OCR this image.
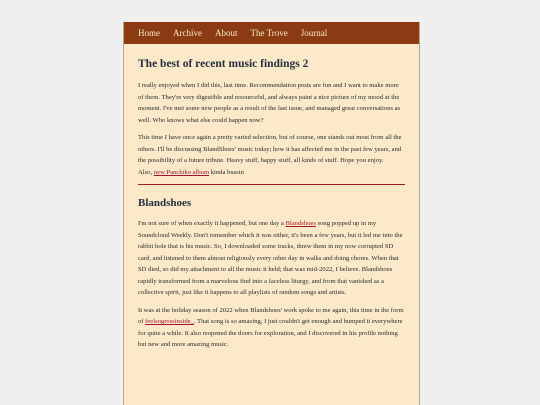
Home Archive About The Trove Journal
The best of recent music findings 2

I really enjoyed when I did this, last time. Recommendation posts are fun and I want to make more of them. They're very digestible and resourceful, and always paint a nice picture of my mood at the moment. I've met some new people as a result of the last issue, and managed great conversations as well. Who knows what else could happen now?

This time I have once again a pretty varied selection, but of course, one stands out most from all the others. I'll be discussing BlandShoes' music today; how it has affected me in the past few years, and the possibility of a future tribute. Heavy stuff, happy stuff, all kinds of stuff. Hope you enjoy.

Also, new Panchiko album kinda bussin

Blandshoes

I'm not sure of when exactly it happened, but one day a Blandshoes song popped up in my Soundcloud Weekly. Don't remember which it was either, it's been a few years, but it led me into the rabbit hole that is his music. So, I downloaded some tracks, threw them in my now corrupted SD card, and listened to them almost religiously every other day in walks and doing chores. When that SD died, so did my attachment to all the music it held; that was mid-2022, I believe. Blandshoes rapidly transformed from a marvelous find into a faceless liturgy, and from that vanished as a collective spirit, just like it happens to all playlists of random songs and artists.

It was at the holiday season of 2022 when Blandshoes' work spoke to me again, this time in the form of feelsogrossinside_. That song is so amazing, I just couldn't get enough and bumped it everywhere for quite a while. It also reopened the doors for exploration, and I discovered in his profile nothing but new and more amazing music.
